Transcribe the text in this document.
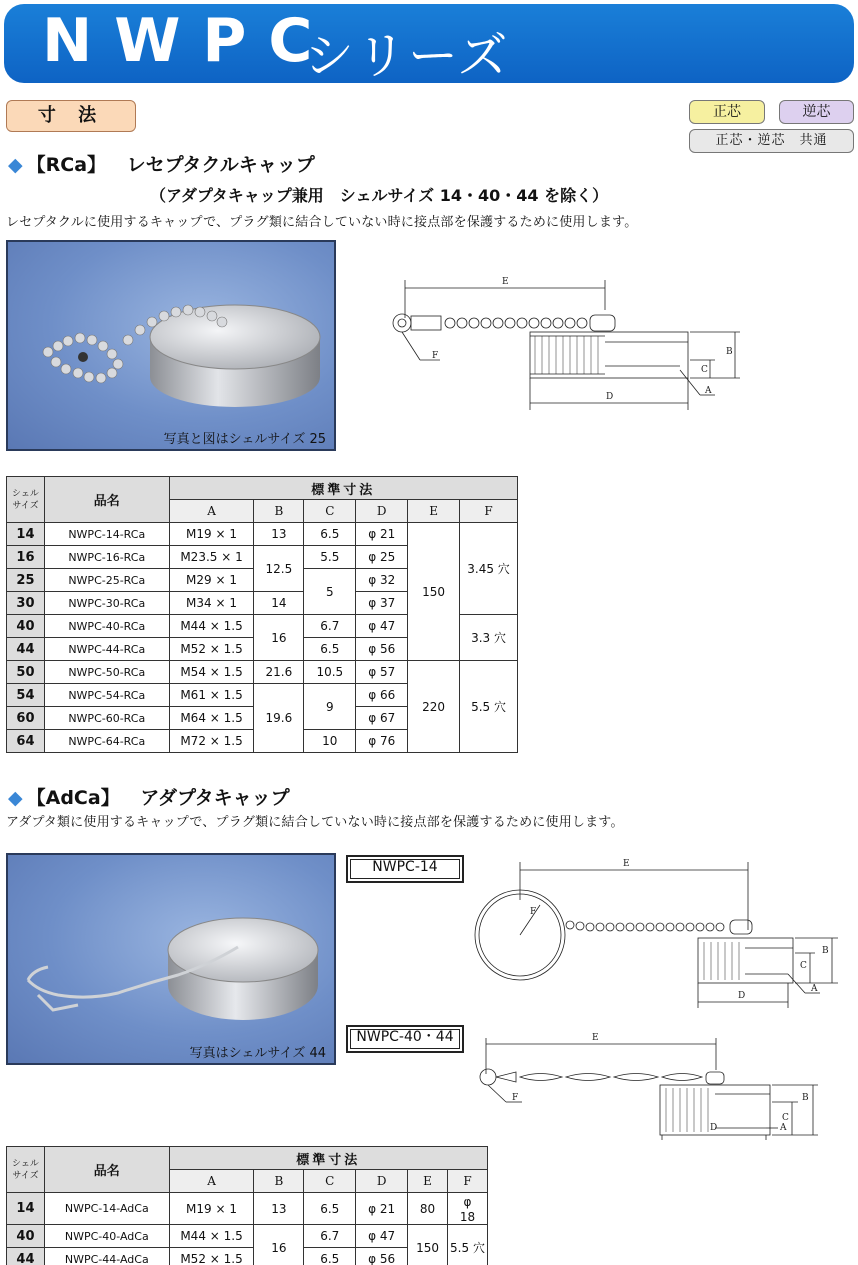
NWPC
シリーズ
寸 法	正芯	逆芯
正芯・逆芯　共通
◆ 【RCa】 レセプタクルキャップ
（アダプタキャップ兼用　シェルサイズ 14・40・44 を除く）
レセプタクルに使用するキャップで、プラグ類に結合していない時に接点部を保護するために使用します。
写真と図はシェルサイズ 25
E
B
C
D
F
A
シェル
サイズ	品名	標準寸法					
		A	B	C	D	E	F
14	NWPC-14-RCa	M19 × 1	13	6.5	φ 21	150	3.45 穴
16	NWPC-16-RCa	M23.5 × 1	12.5	5.5	φ 25		
25	NWPC-25-RCa	M29 × 1		5	φ 32		
30	NWPC-30-RCa	M34 × 1	14		φ 37		
40	NWPC-40-RCa	M44 × 1.5	16	6.7	φ 47		3.3 穴
44	NWPC-44-RCa	M52 × 1.5		6.5	φ 56		
50	NWPC-50-RCa	M54 × 1.5	21.6	10.5	φ 57	220	5.5 穴
54	NWPC-54-RCa	M61 × 1.5	19.6	9	φ 66		
60	NWPC-60-RCa	M64 × 1.5			φ 67		
64	NWPC-64-RCa	M72 × 1.5		10	φ 76		
◆ 【AdCa】 アダプタキャップ
アダプタ類に使用するキャップで、プラグ類に結合していない時に接点部を保護するために使用します。
写真はシェルサイズ 44
NWPC-14
NWPC-40・44
E
F
B
C
D
A
E
B
C
D
F
A
シェル
サイズ	品名	標準寸法					
		A	B	C	D	E	F
14	NWPC-14-AdCa	M19 × 1	13	6.5	φ 21	80	φ　18
40	NWPC-40-AdCa	M44 × 1.5	16	6.7	φ 47	150	5.5 穴
44	NWPC-44-AdCa	M52 × 1.5		6.5	φ 56		
